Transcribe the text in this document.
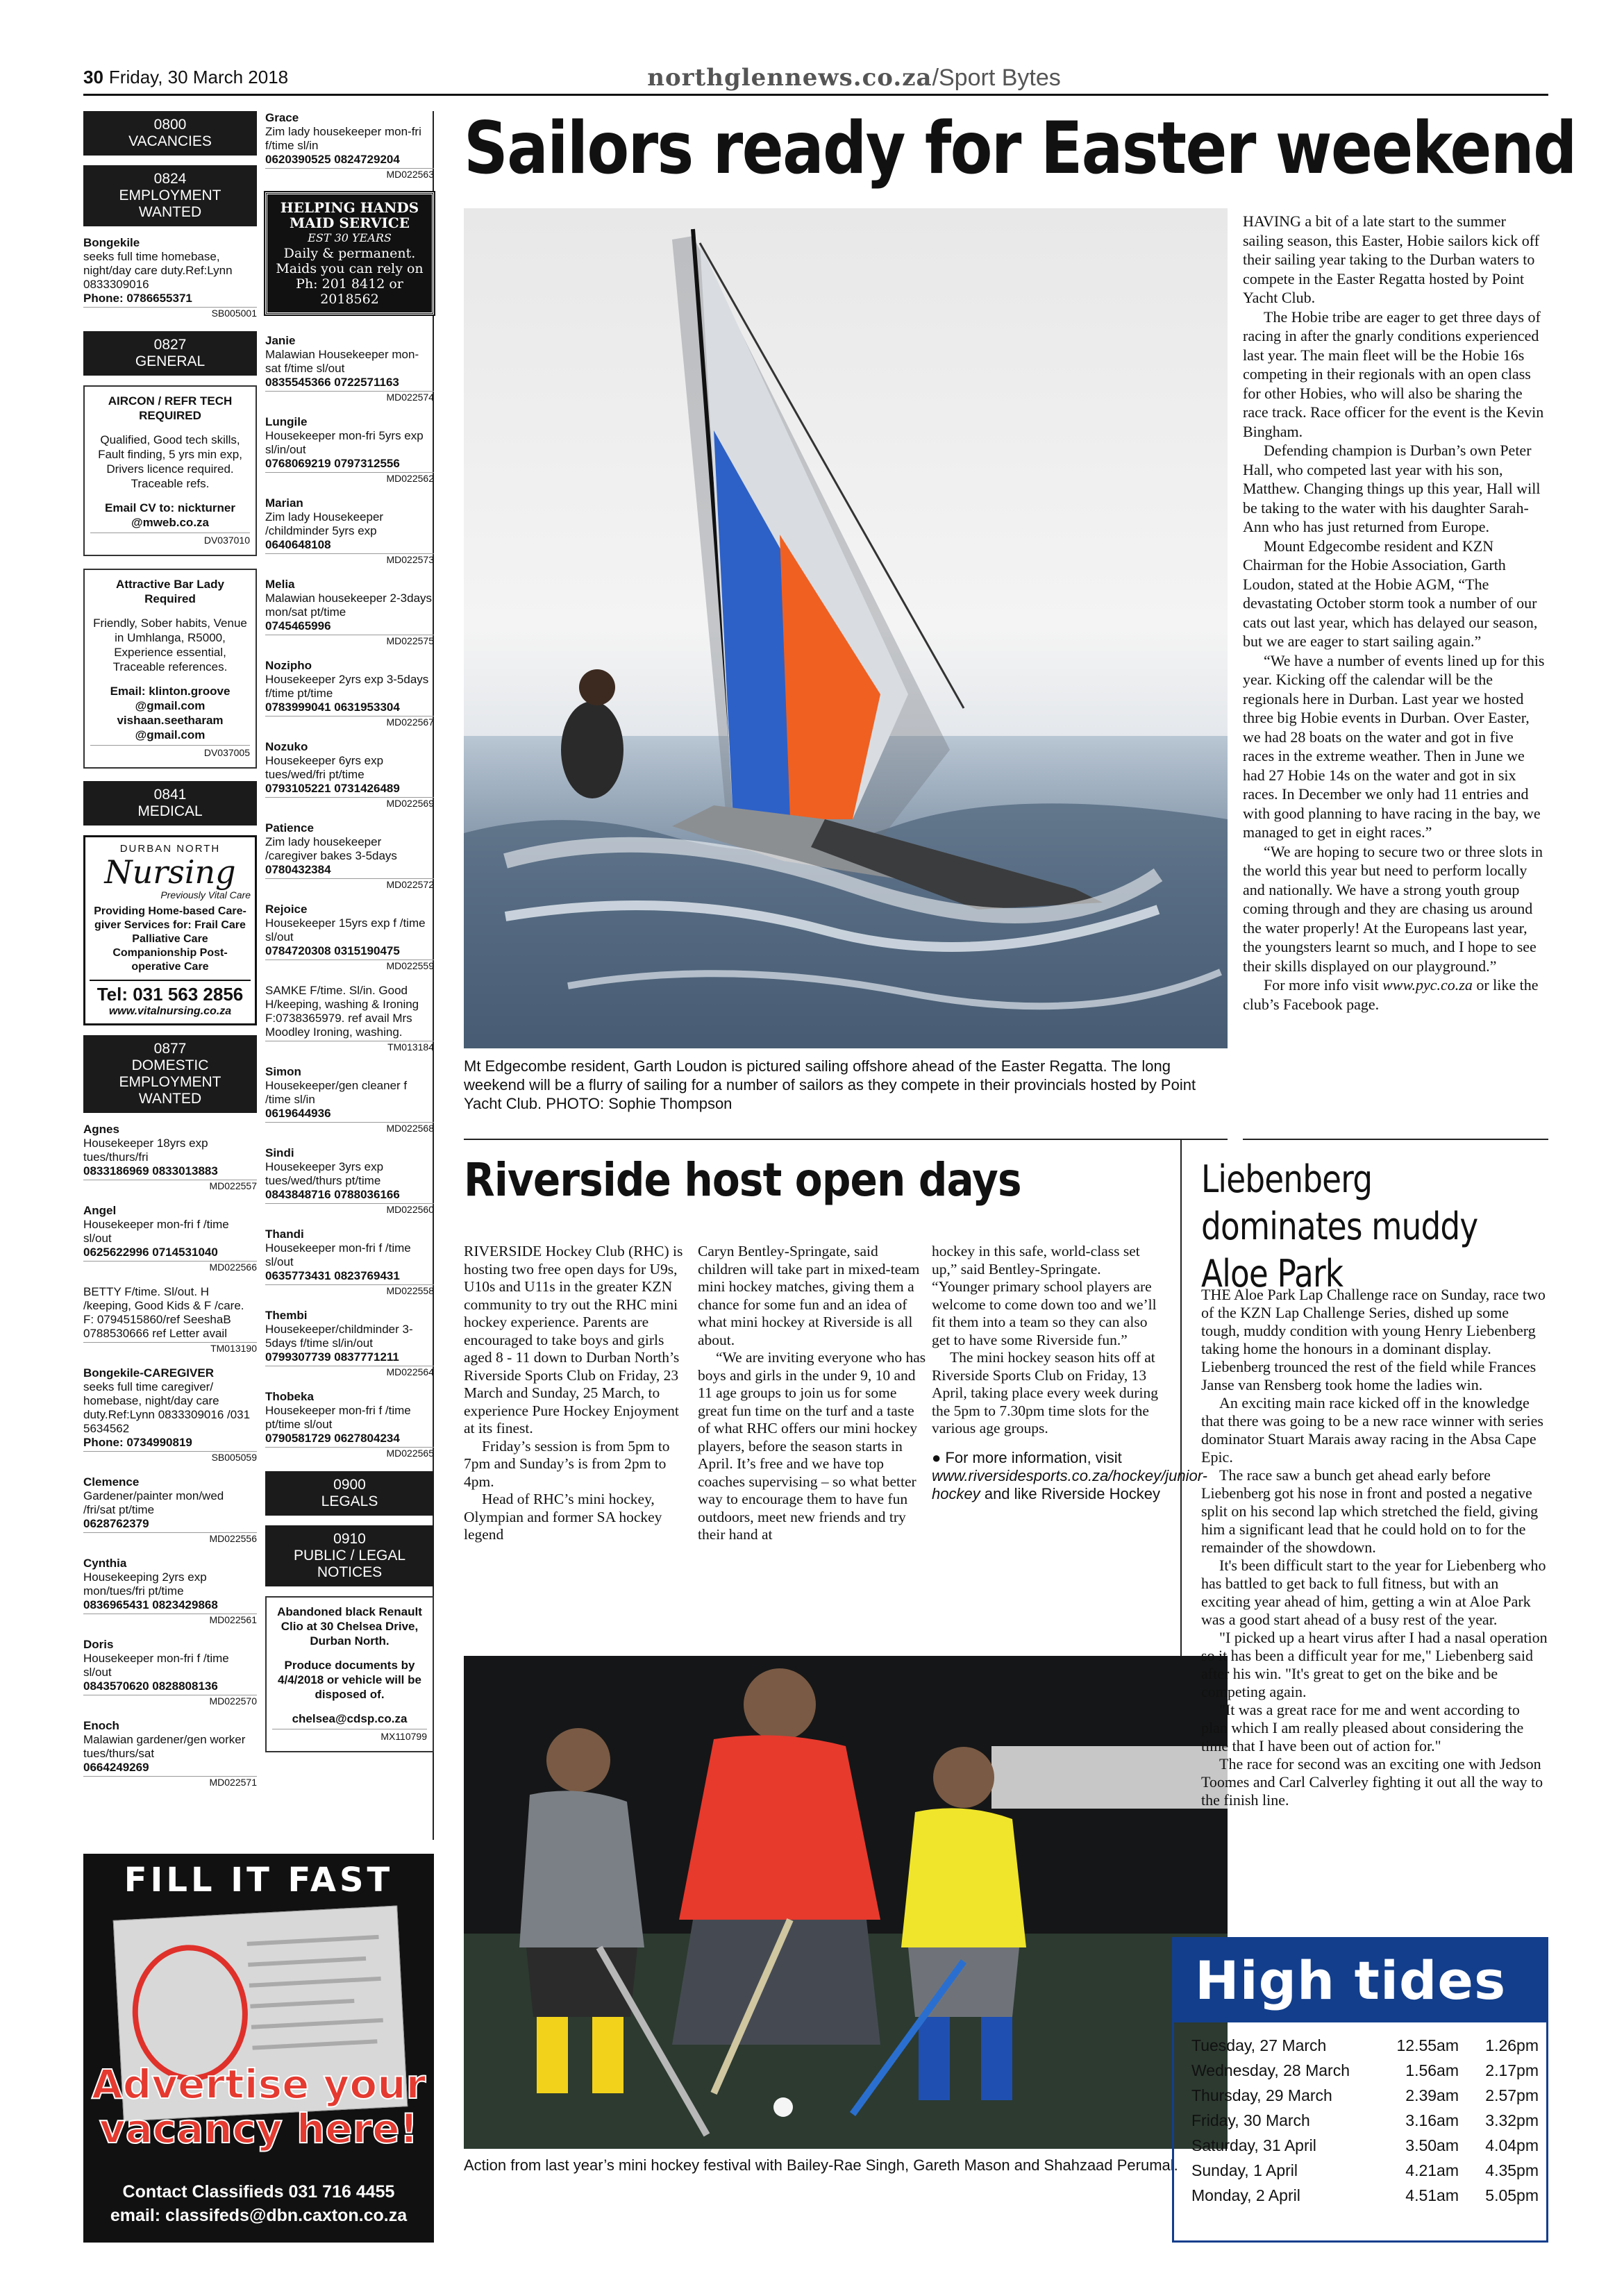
30 Friday, 30 March 2018	northglennews.co.za/Sport Bytes
0800
VACANCIES
0824
EMPLOYMENT WANTED
Bongekile
seeks full time homebase, night/day care duty.Ref:Lynn 0833309016
Phone: 0786655371
SB005001
0827
GENERAL
AIRCON / REFR TECH REQUIRED
Qualified, Good tech skills, Fault finding, 5 yrs min exp, Drivers licence required. Traceable refs.
Email CV to: nickturner @mweb.co.za
DV037010
Attractive Bar Lady Required
Friendly, Sober habits, Venue in Umhlanga, R5000, Experience essential, Traceable references.
Email: klinton.groove @gmail.com vishaan.seetharam @gmail.com
DV037005
0841
MEDICAL
DURBAN NORTH
Nursing
Previously Vital Care
Providing Home-based Care-giver Services for: Frail Care Palliative Care Companionship Post-operative Care
Tel: 031 563 2856
www.vitalnursing.co.za
0877
DOMESTIC EMPLOYMENT WANTED
Agnes
Housekeeper 18yrs exp tues/thurs/fri
0833186969 0833013883
MD022557
Angel
Housekeeper mon-fri f /time sl/out
0625622996 0714531040
MD022566
BETTY F/time. Sl/out. H /keeping, Good Kids & F /care. F: 0794515860/ref SeeshaB 0788530666 ref Letter avail
TM013190
Bongekile-CAREGIVER
seeks full time caregiver/ homebase, night/day care duty.Ref:Lynn 0833309016 /031 5634562
Phone: 0734990819
SB005059
Clemence
Gardener/painter mon/wed /fri/sat pt/time
0628762379
MD022556
Cynthia
Housekeeping 2yrs exp mon/tues/fri pt/time
0836965431 0823429868
MD022561
Doris
Housekeeper mon-fri f /time sl/out
0843570620 0828808136
MD022570
Enoch
Malawian gardener/gen worker tues/thurs/sat
0664249269
MD022571
Grace
Zim lady housekeeper mon-fri f/time sl/in
0620390525 0824729204
MD022563
HELPING HANDS MAID SERVICE
EST 30 YEARS
Daily & permanent. Maids you can rely on
Ph: 201 8412 or 2018562
Janie
Malawian Housekeeper mon-sat f/time sl/out
0835545366 0722571163
MD022574
Lungile
Housekeeper mon-fri 5yrs exp sl/in/out
0768069219 0797312556
MD022562
Marian
Zim lady Housekeeper /childminder 5yrs exp
0640648108
MD022573
Melia
Malawian housekeeper 2-3days mon/sat pt/time
0745465996
MD022575
Nozipho
Housekeeper 2yrs exp 3-5days f/time pt/time
0783999041 0631953304
MD022567
Nozuko
Housekeeper 6yrs exp tues/wed/fri pt/time
0793105221 0731426489
MD022569
Patience
Zim lady housekeeper /caregiver bakes 3-5days
0780432384
MD022572
Rejoice
Housekeeper 15yrs exp f /time sl/out
0784720308 0315190475
MD022559
SAMKE F/time. Sl/in. Good H/keeping, washing & Ironing F:0738365979. ref avail Mrs Moodley Ironing, washing.
TM013184
Simon
Housekeeper/gen cleaner f /time sl/in
0619644936
MD022568
Sindi
Housekeeper 3yrs exp tues/wed/thurs pt/time
0843848716 0788036166
MD022560
Thandi
Housekeeper mon-fri f /time sl/out
0635773431 0823769431
MD022558
Thembi
Housekeeper/childminder 3-5days f/time sl/in/out
0799307739 0837771211
MD022564
Thobeka
Housekeeper mon-fri f /time pt/time sl/out
0790581729 0627804234
MD022565
0900
LEGALS
0910
PUBLIC / LEGAL NOTICES
Abandoned black Renault Clio at 30 Chelsea Drive, Durban North.
Produce documents by 4/4/2018 or vehicle will be disposed of.
chelsea@cdsp.co.za
MX110799
FILL IT FAST
Advertise your
vacancy here!
Contact Classifieds 031 716 4455
email: classifeds@dbn.caxton.co.za
Sailors ready for Easter weekend
Mt Edgecombe resident, Garth Loudon is pictured sailing offshore ahead of the Easter Regatta. The long weekend will be a flurry of sailing for a number of sailors as they compete in their provincials hosted by Point Yacht Club. PHOTO: Sophie Thompson

HAVING a bit of a late start to the summer sailing season, this Easter, Hobie sailors kick off their sailing year taking to the Durban waters to compete in the Easter Regatta hosted by Point Yacht Club.

The Hobie tribe are eager to get three days of racing in after the gnarly conditions experienced last year. The main fleet will be the Hobie 16s competing in their regionals with an open class for other Hobies, who will also be sharing the race track. Race officer for the event is the Kevin Bingham.

Defending champion is Durban’s own Peter Hall, who competed last year with his son, Matthew. Changing things up this year, Hall will be taking to the water with his daughter Sarah-Ann who has just returned from Europe.

Mount Edgecombe resident and KZN Chairman for the Hobie Association, Garth Loudon, stated at the Hobie AGM, “The devastating October storm took a number of our cats out last year, which has delayed our season, but we are eager to start sailing again.”

“We have a number of events lined up for this year. Kicking off the calendar will be the regionals here in Durban. Last year we hosted three big Hobie events in Durban. Over Easter, we had 28 boats on the water and got in five races in the extreme weather. Then in June we had 27 Hobie 14s on the water and got in six races. In December we only had 11 entries and with good planning to have racing in the bay, we managed to get in eight races.”

“We are hoping to secure two or three slots in the world this year but need to perform locally and nationally. We have a strong youth group coming through and they are chasing us around the water properly! At the Europeans last year, the youngsters learnt so much, and I hope to see their skills displayed on our playground.”

For more info visit www.pyc.co.za or like the club’s Facebook page.

Riverside host open days

RIVERSIDE Hockey Club (RHC) is hosting two free open days for U9s, U10s and U11s in the greater KZN community to try out the RHC mini hockey experience. Parents are encouraged to take boys and girls aged 8 - 11 down to Durban North’s Riverside Sports Club on Friday, 23 March and Sunday, 25 March, to experience Pure Hockey Enjoyment at its finest.

Friday’s session is from 5pm to 7pm and Sunday’s is from 2pm to 4pm.

Head of RHC’s mini hockey, Olympian and former SA hockey legend

Caryn Bentley-Springate, said children will take part in mixed-team mini hockey matches, giving them a chance for some fun and an idea of what mini hockey at Riverside is all about.

“We are inviting everyone who has boys and girls in the under 9, 10 and 11 age groups to join us for some great fun time on the turf and a taste of what RHC offers our mini hockey players, before the season starts in April. It’s free and we have top coaches supervising – so what better way to encourage them to have fun outdoors, meet new friends and try their hand at

hockey in this safe, world-class set up,” said Bentley-Springate. “Younger primary school players are welcome to come down too and we’ll fit them into a team so they can also get to have some Riverside fun.”

The mini hockey season hits off at Riverside Sports Club on Friday, 13 April, taking place every week during the 5pm to 7.30pm time slots for the various age groups.

● For more information, visit www.riversidesports.co.za/hockey/junior-hockey and like Riverside Hockey

Action from last year’s mini hockey festival with Bailey-Rae Singh, Gareth Mason and Shahzaad Perumal.
Liebenberg dominates muddy Aloe Park

THE Aloe Park Lap Challenge race on Sunday, race two of the KZN Lap Challenge Series, dished up some tough, muddy condition with young Henry Liebenberg taking home the honours in a dominant display. Liebenberg trounced the rest of the field while Frances Janse van Rensberg took home the ladies win.

An exciting main race kicked off in the knowledge that there was going to be a new race winner with series dominator Stuart Marais away racing in the Absa Cape Epic.

The race saw a bunch get ahead early before Liebenberg got his nose in front and posted a negative split on his second lap which stretched the field, giving him a significant lead that he could hold on to for the remainder of the showdown.

It's been difficult start to the year for Liebenberg who has battled to get back to full fitness, but with an exciting year ahead of him, getting a win at Aloe Park was a good start ahead of a busy rest of the year.

"I picked up a heart virus after I had a nasal operation so it has been a difficult year for me," Liebenberg said after his win. "It's great to get on the bike and be competing again.

"It was a great race for me and went according to plan which I am really pleased about considering the time that I have been out of action for."

The race for second was an exciting one with Jedson Toomes and Carl Calverley fighting it out all the way to the finish line.

High tides
Tuesday, 27 March	12.55am	1.26pm
Wednesday, 28 March	1.56am	2.17pm
Thursday, 29 March	2.39am	2.57pm
Friday, 30 March	3.16am	3.32pm
Saturday, 31 April	3.50am	4.04pm
Sunday, 1 April	4.21am	4.35pm
Monday, 2 April	4.51am	5.05pm
